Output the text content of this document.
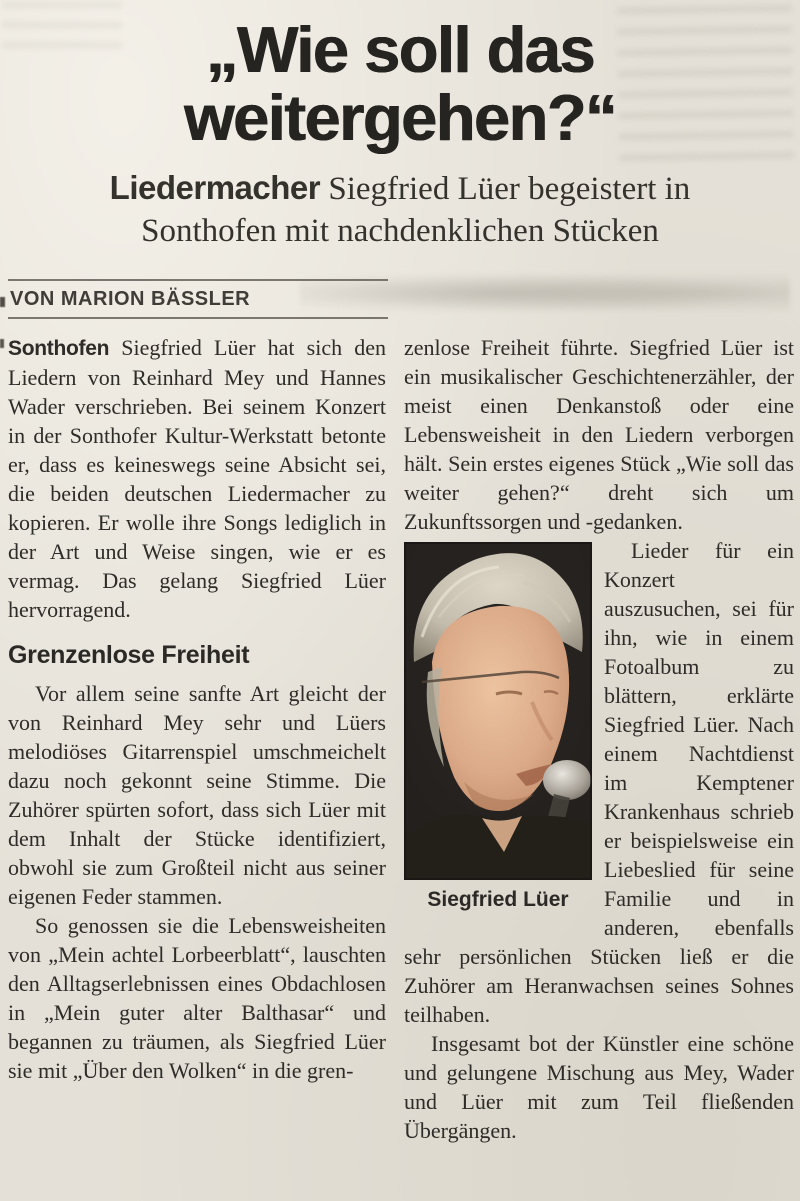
„Wie soll das
weitergehen?“
Liedermacher Siegfried Lüer begeistert in Sonthofen mit nachdenklichen Stücken
VON MARION BÄSSLER

Sonthofen Siegfried Lüer hat sich den Liedern von Reinhard Mey und Hannes Wader verschrieben. Bei seinem Konzert in der Sonthofer Kultur-Werkstatt betonte er, dass es keineswegs seine Absicht sei, die beiden deutschen Liedermacher zu kopieren. Er wolle ihre Songs lediglich in der Art und Weise singen, wie er es vermag. Das gelang Siegfried Lüer hervorragend.

Grenzenlose Freiheit

Vor allem seine sanfte Art gleicht der von Reinhard Mey sehr und Lüers melodiöses Gitarrenspiel umschmeichelt dazu noch gekonnt seine Stimme. Die Zuhörer spürten sofort, dass sich Lüer mit dem Inhalt der Stücke identifiziert, obwohl sie zum Großteil nicht aus seiner eigenen Feder stammen.

So genossen sie die Lebensweisheiten von „Mein achtel Lorbeerblatt“, lauschten den Alltagserlebnissen eines Obdachlosen in „Mein guter alter Balthasar“ und begannen zu träumen, als Siegfried Lüer sie mit „Über den Wolken“ in die gren-

zenlose Freiheit führte. Siegfried Lüer ist ein musikalischer Geschichtenerzähler, der meist einen Denkanstoß oder eine Lebensweisheit in den Liedern verborgen hält. Sein erstes eigenes Stück „Wie soll das weiter gehen?“ dreht sich um Zukunftssorgen und -gedanken.

Siegfried Lüer

Lieder für ein Konzert auszusuchen, sei für ihn, wie in einem Fotoalbum zu blättern, erklärte Siegfried Lüer. Nach einem Nachtdienst im Kemptener Krankenhaus schrieb er beispielsweise ein Liebeslied für seine Familie und in anderen, ebenfalls sehr persönlichen Stücken ließ er die Zuhörer am Heranwachsen seines Sohnes teilhaben.

Insgesamt bot der Künstler eine schöne und gelungene Mischung aus Mey, Wader und Lüer mit zum Teil fließenden Übergängen.
